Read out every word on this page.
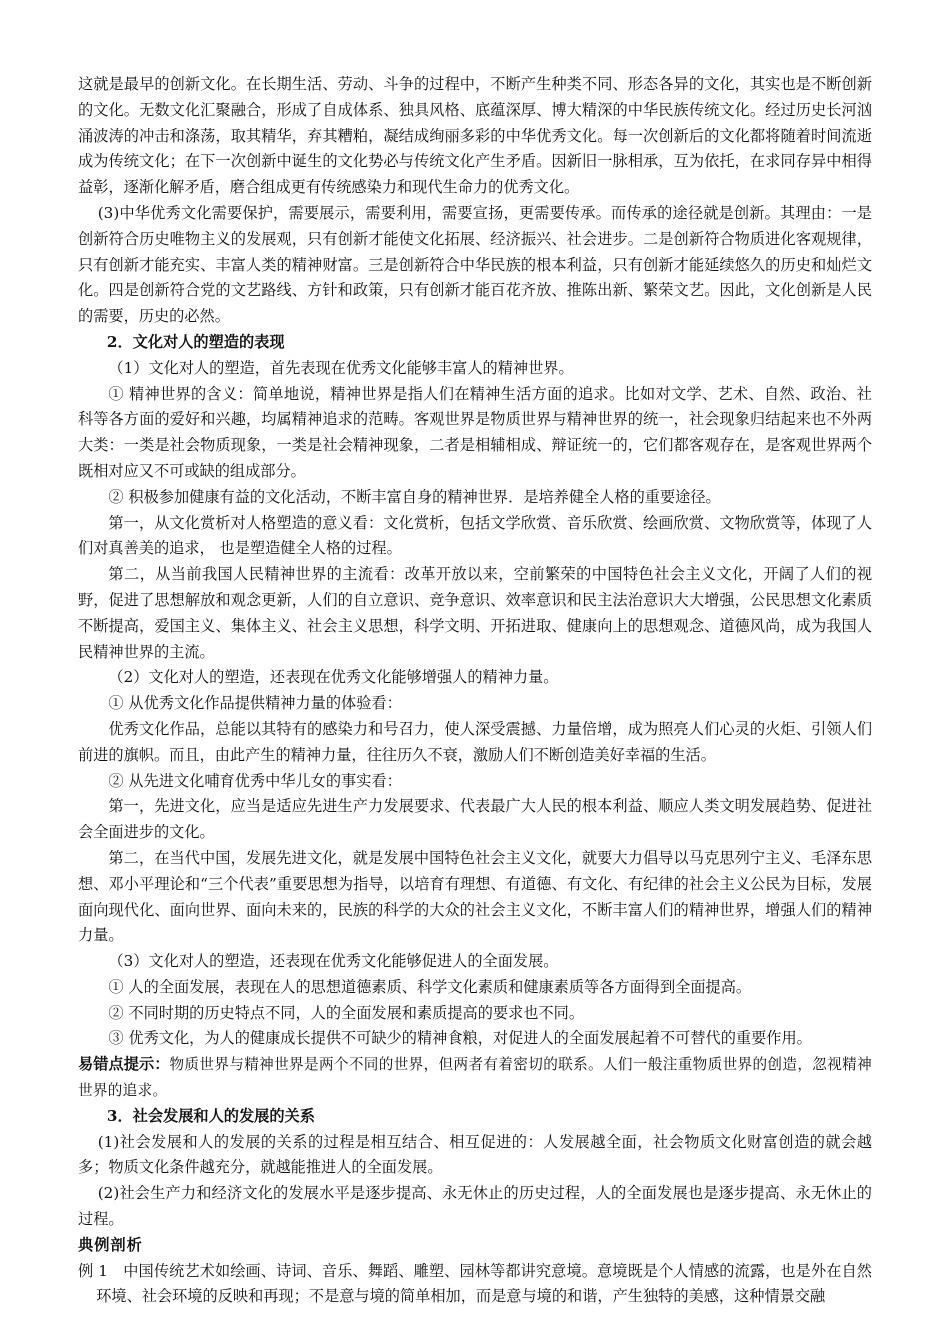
这就是最早的创新文化。在长期生活、劳动、斗争的过程中，不断产生种类不同、形态各异的文化，其实也是不断创新的文化。无数文化汇聚融合，形成了自成体系、独具风格、底蕴深厚、博大精深的中华民族传统文化。经过历史长河汹涌波涛的冲击和涤荡，取其精华，弃其糟粕，凝结成绚丽多彩的中华优秀文化。每一次创新后的文化都将随着时间流逝成为传统文化；在下一次创新中诞生的文化势必与传统文化产生矛盾。因新旧一脉相承，互为依托，在求同存异中相得益彰，逐渐化解矛盾，磨合组成更有传统感染力和现代生命力的优秀文化。

(3)中华优秀文化需要保护，需要展示，需要利用，需要宣扬，更需要传承。而传承的途径就是创新。其理由：一是创新符合历史唯物主义的发展观，只有创新才能使文化拓展、经济振兴、社会进步。二是创新符合物质进化客观规律，只有创新才能充实、丰富人类的精神财富。三是创新符合中华民族的根本利益，只有创新才能延续悠久的历史和灿烂文化。四是创新符合党的文艺路线、方针和政策，只有创新才能百花齐放、推陈出新、繁荣文艺。因此，文化创新是人民的需要，历史的必然。

2．文化对人的塑造的表现

（1）文化对人的塑造，首先表现在优秀文化能够丰富人的精神世界。

① 精神世界的含义：简单地说，精神世界是指人们在精神生活方面的追求。比如对文学、艺术、自然、政治、社科等各方面的爱好和兴趣，均属精神追求的范畴。客观世界是物质世界与精神世界的统一，社会现象归结起来也不外两大类：一类是社会物质现象，一类是社会精神现象，二者是相辅相成、辩证统一的，它们都客观存在，是客观世界两个既相对应又不可或缺的组成部分。

② 积极参加健康有益的文化活动，不断丰富自身的精神世界．是培养健全人格的重要途径。

第一，从文化赏析对人格塑造的意义看：文化赏析，包括文学欣赏、音乐欣赏、绘画欣赏、文物欣赏等，体现了人们对真善美的追求， 也是塑造健全人格的过程。

第二，从当前我国人民精神世界的主流看：改革开放以来，空前繁荣的中国特色社会主义文化，开阔了人们的视野，促进了思想解放和观念更新，人们的自立意识、竞争意识、效率意识和民主法治意识大大增强，公民思想文化素质不断提高，爱国主义、集体主义、社会主义思想，科学文明、开拓进取、健康向上的思想观念、道德风尚，成为我国人民精神世界的主流。

（2）文化对人的塑造，还表现在优秀文化能够增强人的精神力量。

① 从优秀文化作品提供精神力量的体验看：

优秀文化作品，总能以其特有的感染力和号召力，使人深受震撼、力量倍增，成为照亮人们心灵的火炬、引领人们前进的旗帜。而且，由此产生的精神力量，往往历久不衰，激励人们不断创造美好幸福的生活。

② 从先进文化哺育优秀中华儿女的事实看：

第一，先进文化，应当是适应先进生产力发展要求、代表最广大人民的根本利益、顺应人类文明发展趋势、促进社会全面进步的文化。

第二，在当代中国，发展先进文化，就是发展中国特色社会主义文化，就要大力倡导以马克思列宁主义、毛泽东思想、邓小平理论和“三个代表”重要思想为指导，以培育有理想、有道德、有文化、有纪律的社会主义公民为目标，发展面向现代化、面向世界、面向未来的，民族的科学的大众的社会主义文化，不断丰富人们的精神世界，增强人们的精神力量。

（3）文化对人的塑造，还表现在优秀文化能够促进人的全面发展。

① 人的全面发展，表现在人的思想道德素质、科学文化素质和健康素质等各方面得到全面提高。

② 不同时期的历史特点不同，人的全面发展和素质提高的要求也不同。

③ 优秀文化，为人的健康成长提供不可缺少的精神食粮，对促进人的全面发展起着不可替代的重要作用。

易错点提示：物质世界与精神世界是两个不同的世界，但两者有着密切的联系。人们一般注重物质世界的创造，忽视精神世界的追求。

3．社会发展和人的发展的关系

(1)社会发展和人的发展的关系的过程是相互结合、相互促进的：人发展越全面，社会物质文化财富创造的就会越多；物质文化条件越充分，就越能推进人的全面发展。

(2)社会生产力和经济文化的发展水平是逐步提高、永无休止的历史过程，人的全面发展也是逐步提高、永无休止的过程。

典例剖析

例 1　中国传统艺术如绘画、诗词、音乐、舞蹈、雕塑、园林等都讲究意境。意境既是个人情感的流露，也是外在自然环境、社会环境的反映和再现；不是意与境的简单相加，而是意与境的和谐，产生独特的美感，这种情景交融
